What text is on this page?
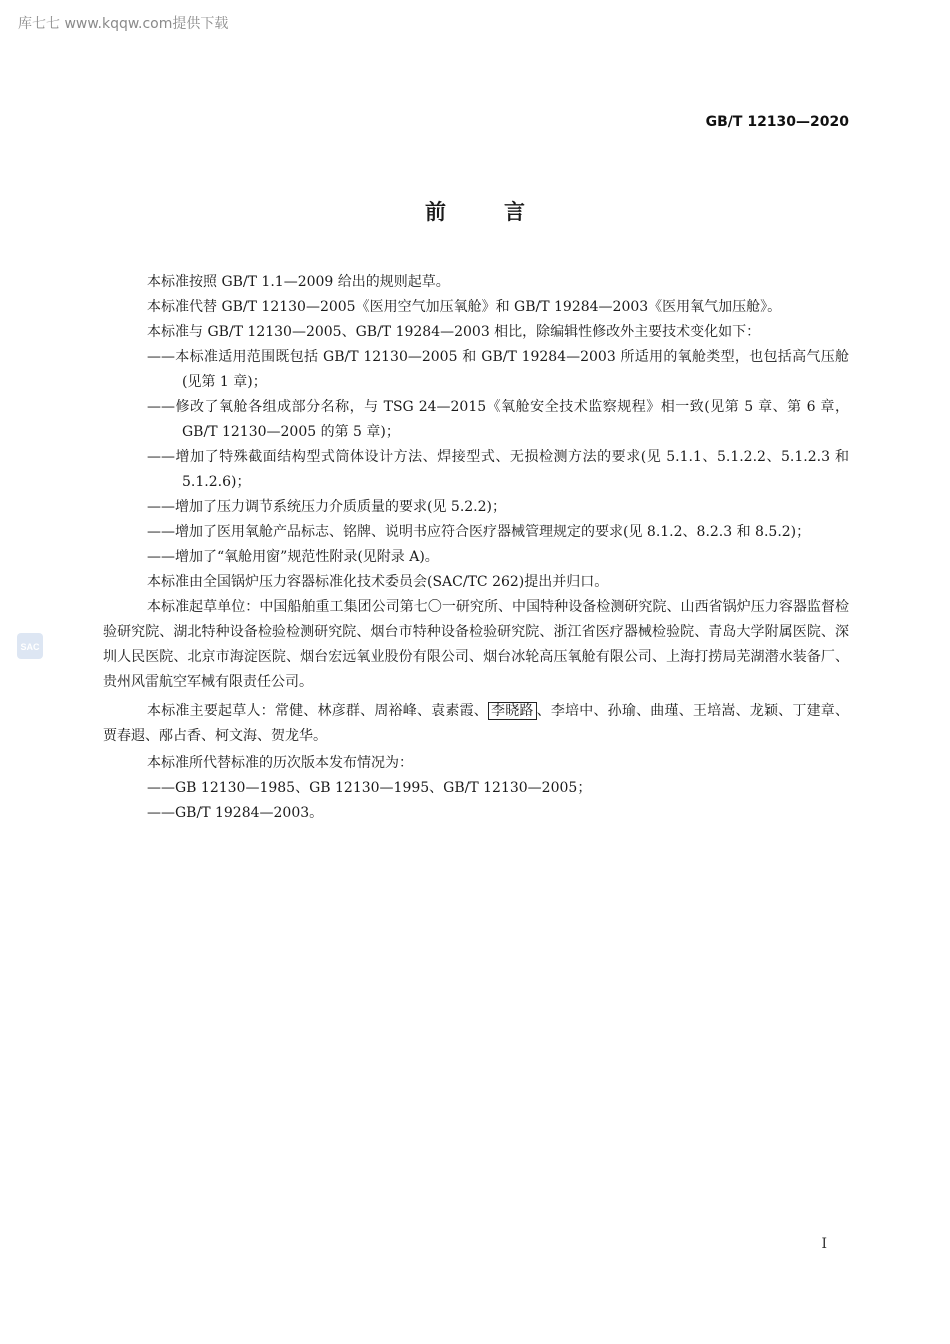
库七七 www.kqqw.com提供下载
GB/T 12130—2020
前言

本标准按照 GB/T 1.1—2009 给出的规则起草。

本标准代替 GB/T 12130—2005《医用空气加压氧舱》和 GB/T 19284—2003《医用氧气加压舱》。

本标准与 GB/T 12130—2005、GB/T 19284—2003 相比，除编辑性修改外主要技术变化如下：

——本标准适用范围既包括 GB/T 12130—2005 和 GB/T 19284—2003 所适用的氧舱类型，也包括高气压舱(见第 1 章)；

——修改了氧舱各组成部分名称，与 TSG 24—2015《氧舱安全技术监察规程》相一致(见第 5 章、第 6 章，GB/T 12130—2005 的第 5 章)；

——增加了特殊截面结构型式筒体设计方法、焊接型式、无损检测方法的要求(见 5.1.1、5.1.2.2、5.1.2.3 和 5.1.2.6)；

——增加了压力调节系统压力介质质量的要求(见 5.2.2)；

——增加了医用氧舱产品标志、铭牌、说明书应符合医疗器械管理规定的要求(见 8.1.2、8.2.3 和 8.5.2)；

——增加了“氧舱用窗”规范性附录(见附录 A)。

本标准由全国锅炉压力容器标准化技术委员会(SAC/TC 262)提出并归口。

本标准起草单位：中国船舶重工集团公司第七〇一研究所、中国特种设备检测研究院、山西省锅炉压力容器监督检验研究院、湖北特种设备检验检测研究院、烟台市特种设备检验研究院、浙江省医疗器械检验院、青岛大学附属医院、深圳人民医院、北京市海淀医院、烟台宏远氧业股份有限公司、烟台冰轮高压氧舱有限公司、上海打捞局芜湖潜水装备厂、贵州风雷航空军械有限责任公司。

本标准主要起草人：常健、林彦群、周裕峰、袁素霞、 李晓路 、李培中、孙瑜、曲瑾、王培嵩、龙颖、丁建章、贾春遐、邴占香、柯文海、贺龙华。

本标准所代替标准的历次版本发布情况为：

——GB 12130—1985、GB 12130—1995、GB/T 12130—2005；

——GB/T 19284—2003。

SAC
I
